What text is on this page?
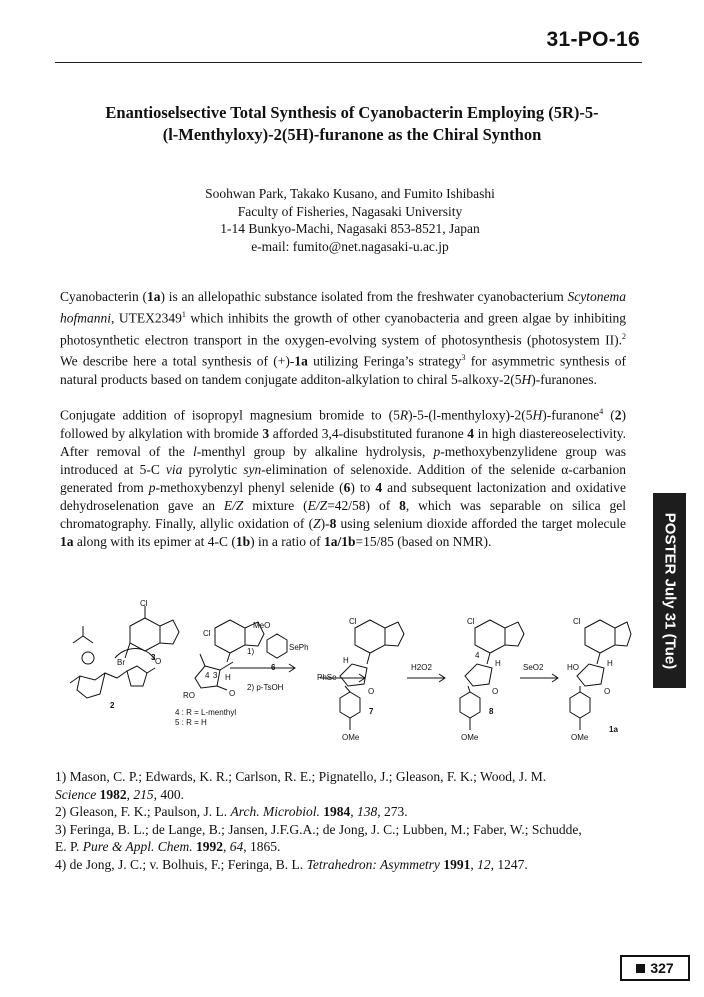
31-PO-16
Enantioselsective Total Synthesis of Cyanobacterin Employing (5R)-5-
(l-Menthyloxy)-2(5H)-furanone as the Chiral Synthon
Soohwan Park, Takako Kusano, and Fumito Ishibashi
Faculty of Fisheries, Nagasaki University
1-14 Bunkyo-Machi, Nagasaki 853-8521, Japan
e-mail: fumito@net.nagasaki-u.ac.jp
Cyanobacterin (1a) is an allelopathic substance isolated from the freshwater cyanobacterium Scytonema hofmanni, UTEX2349$^1$ which inhibits the growth of other cyanobacteria and green algae by inhibiting photosynthetic electron transport in the oxygen-evolving system of photosynthesis (photosystem II).$^2$ We describe here a total synthesis of (+)-1a utilizing Feringa’s strategy$^3$ for asymmetric synthesis of natural products based on tandem conjugate additon-alkylation to chiral 5-alkoxy-2(5H)-furanones.
Conjugate addition of isopropyl magnesium bromide to (5R)-5-(l-menthyloxy)-2(5H)-furanone$^4$ (2) followed by alkylation with bromide 3 afforded 3,4-disubstituted furanone 4 in high diastereoselectivity. After removal of the l-menthyl group by alkaline hydrolysis, p-methoxybenzylidene group was introduced at 5-C via pyrolytic syn-elimination of selenoxide. Addition of the selenide α-carbanion generated from p-methoxybenzyl phenyl selenide (6) to 4 and subsequent lactonization and oxidative dehydroselenation gave an E/Z mixture (E/Z=42/58) of 8, which was separable on silica gel chromatography. Finally, allylic oxidation of (Z)-8 using selenium dioxide afforded the target molecule 1a along with its epimer at 4-C (1b) in a ratio of 1a/1b=15/85 (based on NMR).	POSTER July 31 (Tue)
2
3
Br
Cl
O
Cl
4 3 H
RO	O
MeO
1)	SePh
6
2) p-TsOH
4 : R = L-menthyl
5 : R = H
PhSe
Cl
H
O
7
OMe
H2O2
Cl
4
H
O
8
OMe
SeO2
Cl
HO	H
O
OMe
1a
1) Mason, C. P.; Edwards, K. R.; Carlson, R. E.; Pignatello, J.; Gleason, F. K.; Wood, J. M.
Science 1982, 215, 400.
2) Gleason, F. K.; Paulson, J. L. Arch. Microbiol. 1984, 138, 273.
3) Feringa, B. L.; de Lange, B.; Jansen, J.F.G.A.; de Jong, J. C.; Lubben, M.; Faber, W.; Schudde,
E. P. Pure & Appl. Chem. 1992, 64, 1865.
4) de Jong, J. C.; v. Bolhuis, F.; Feringa, B. L. Tetrahedron: Asymmetry 1991, 12, 1247.
327
